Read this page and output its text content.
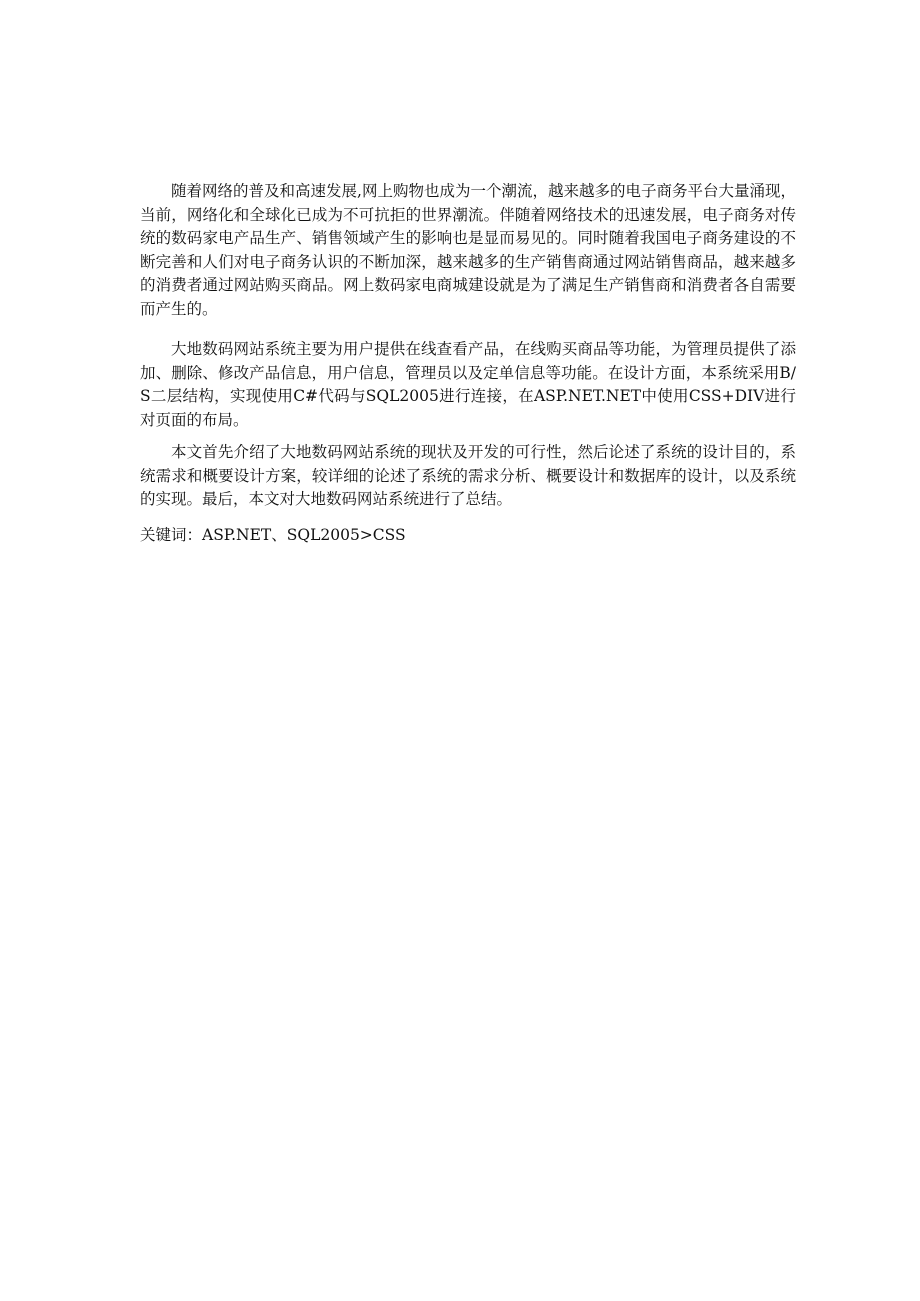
随着网络的普及和高速发展,网上购物也成为一个潮流，越来越多的电子商务平台大量涌现，当前，网络化和全球化已成为不可抗拒的世界潮流。伴随着网络技术的迅速发展，电子商务对传统的数码家电产品生产、销售领域产生的影响也是显而易见的。同时随着我国电子商务建设的不断完善和人们对电子商务认识的不断加深，越来越多的生产销售商通过网站销售商品，越来越多的消费者通过网站购买商品。网上数码家电商城建设就是为了满足生产销售商和消费者各自需要而产生的。

大地数码网站系统主要为用户提供在线查看产品，在线购买商品等功能，为管理员提供了添加、删除、修改产品信息，用户信息，管理员以及定单信息等功能。在设计方面，本系统采用B/S二层结构，实现使用C#代码与SQL2005进行连接，在ASP.NET.NET中使用CSS+DIV进行对页面的布局。

本文首先介绍了大地数码网站系统的现状及开发的可行性，然后论述了系统的设计目的，系统需求和概要设计方案，较详细的论述了系统的需求分析、概要设计和数据库的设计，以及系统的实现。最后，本文对大地数码网站系统进行了总结。

关键词：ASP.NET、SQL2005>CSS
